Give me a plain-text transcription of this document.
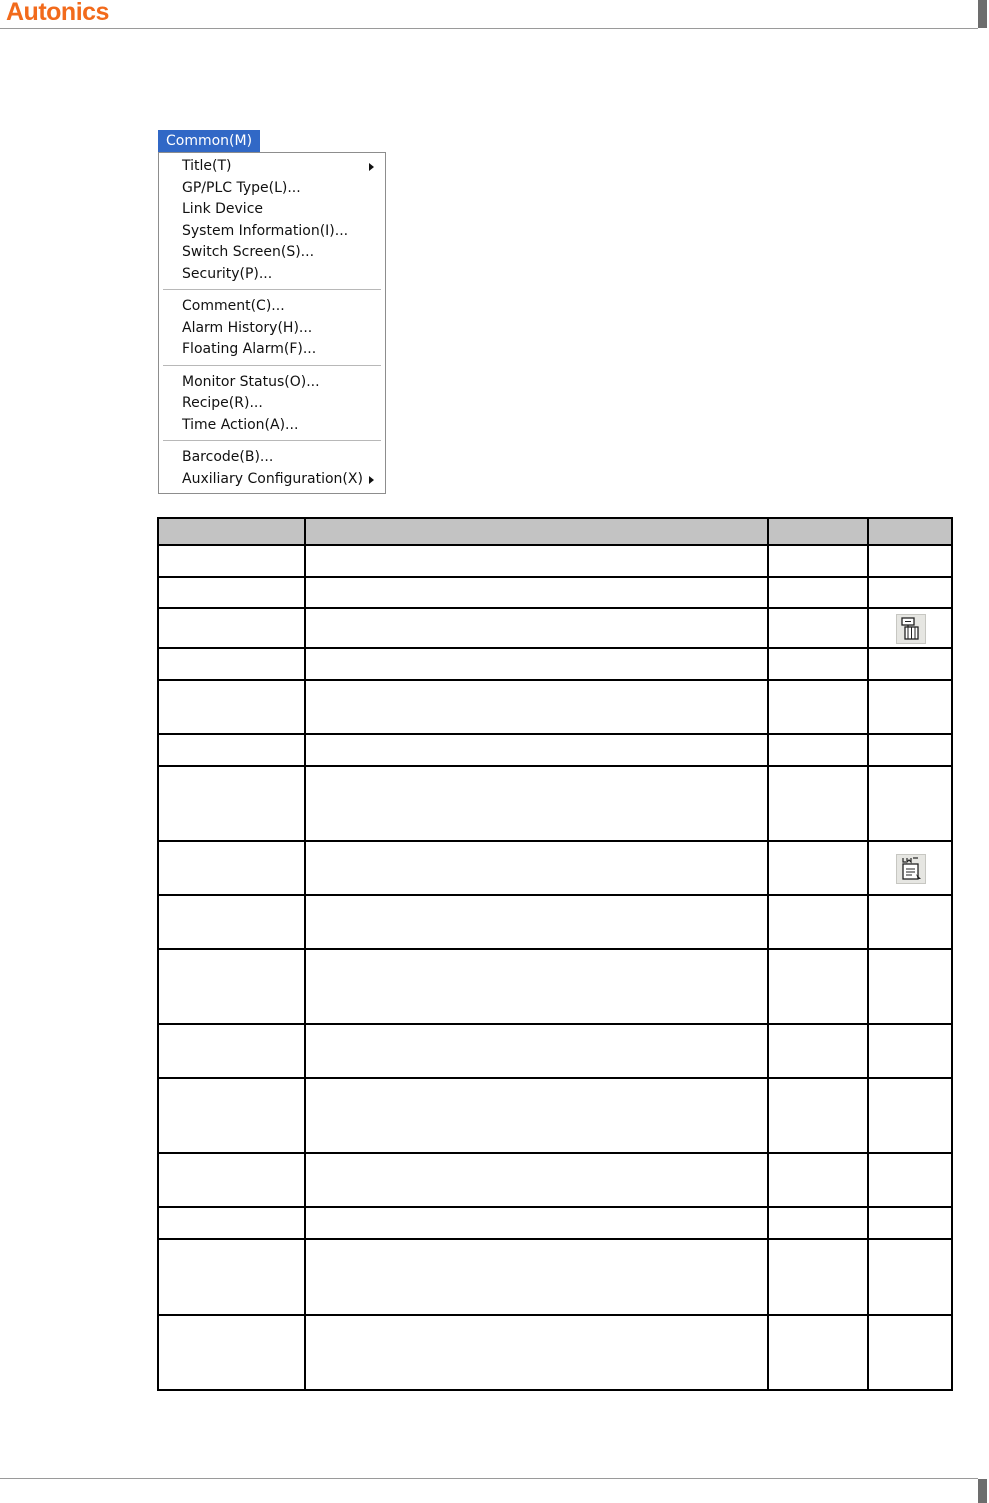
Autonics
Common(M)
Title(T)
GP/PLC Type(L)...
Link Device
System Information(I)...
Switch Screen(S)...
Security(P)...
Comment(C)...
Alarm History(H)...
Floating Alarm(F)...
Monitor Status(O)...
Recipe(R)...
Time Action(A)...
Barcode(B)...
Auxiliary Configuration(X)
